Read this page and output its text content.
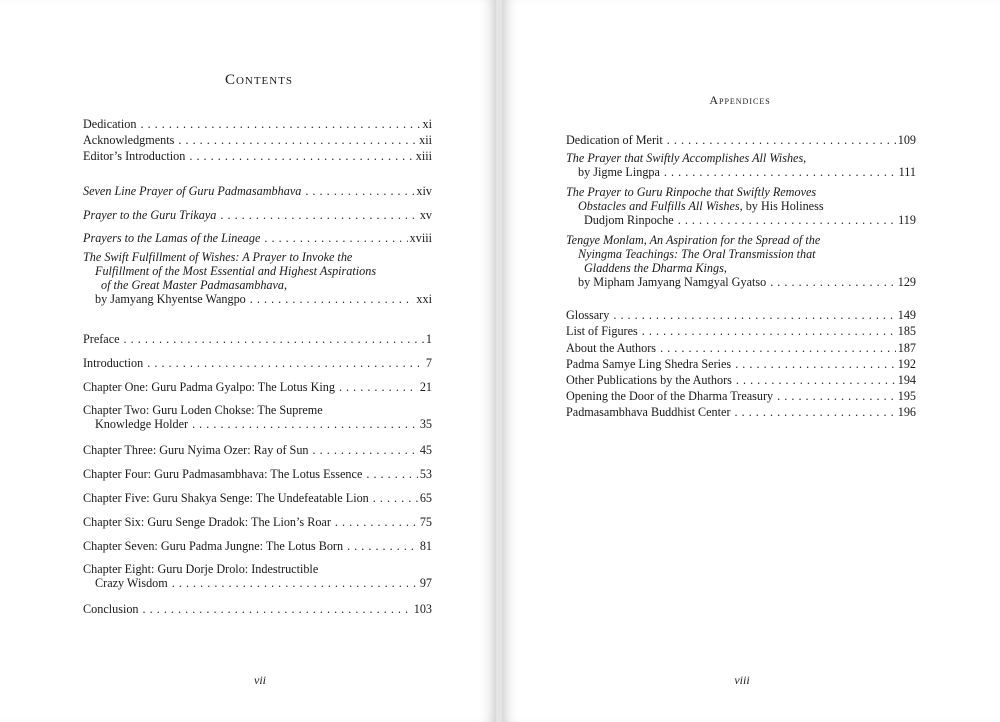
Contents
Dedication . . .	xi
Acknowledgments . . .	xii
Editor’s Introduction . . .	xiii
Seven Line Prayer of Guru Padmasambhava . . .	xiv
Prayer to the Guru Trikaya . . .	xv
Prayers to the Lamas of the Lineage . . .	xviii
The Swift Fulfillment of Wishes: A Prayer to Invoke the
Fulfillment of the Most Essential and Highest Aspirations
of the Great Master Padmasambhava,
by Jamyang Khyentse Wangpo . . .	xxi
Preface . . .	1
Introduction . . .	7
Chapter One: Guru Padma Gyalpo: The Lotus King . . .	21
Chapter Two: Guru Loden Chokse: The Supreme
Knowledge Holder . . .	35
Chapter Three: Guru Nyima Ozer: Ray of Sun . . .	45
Chapter Four: Guru Padmasambhava: The Lotus Essence . . .	53
Chapter Five: Guru Shakya Senge: The Undefeatable Lion . . .	65
Chapter Six: Guru Senge Dradok: The Lion’s Roar . . .	75
Chapter Seven: Guru Padma Jungne: The Lotus Born . . .	81
Chapter Eight: Guru Dorje Drolo: Indestructible
Crazy Wisdom . . .	97
Conclusion . . .	103
vii
Appendices
Dedication of Merit . . .	109
The Prayer that Swiftly Accomplishes All Wishes,
by Jigme Lingpa . . .	111
The Prayer to Guru Rinpoche that Swiftly Removes
Obstacles and Fulfills All Wishes, by His Holiness
Dudjom Rinpoche . . .	119
Tengye Monlam, An Aspiration for the Spread of the
Nyingma Teachings: The Oral Transmission that
Gladdens the Dharma Kings,
by Mipham Jamyang Namgyal Gyatso . . .	129
Glossary . . .	149
List of Figures . . .	185
About the Authors . . .	187
Padma Samye Ling Shedra Series . . .	192
Other Publications by the Authors . . .	194
Opening the Door of the Dharma Treasury . . .	195
Padmasambhava Buddhist Center . . .	196
viii
